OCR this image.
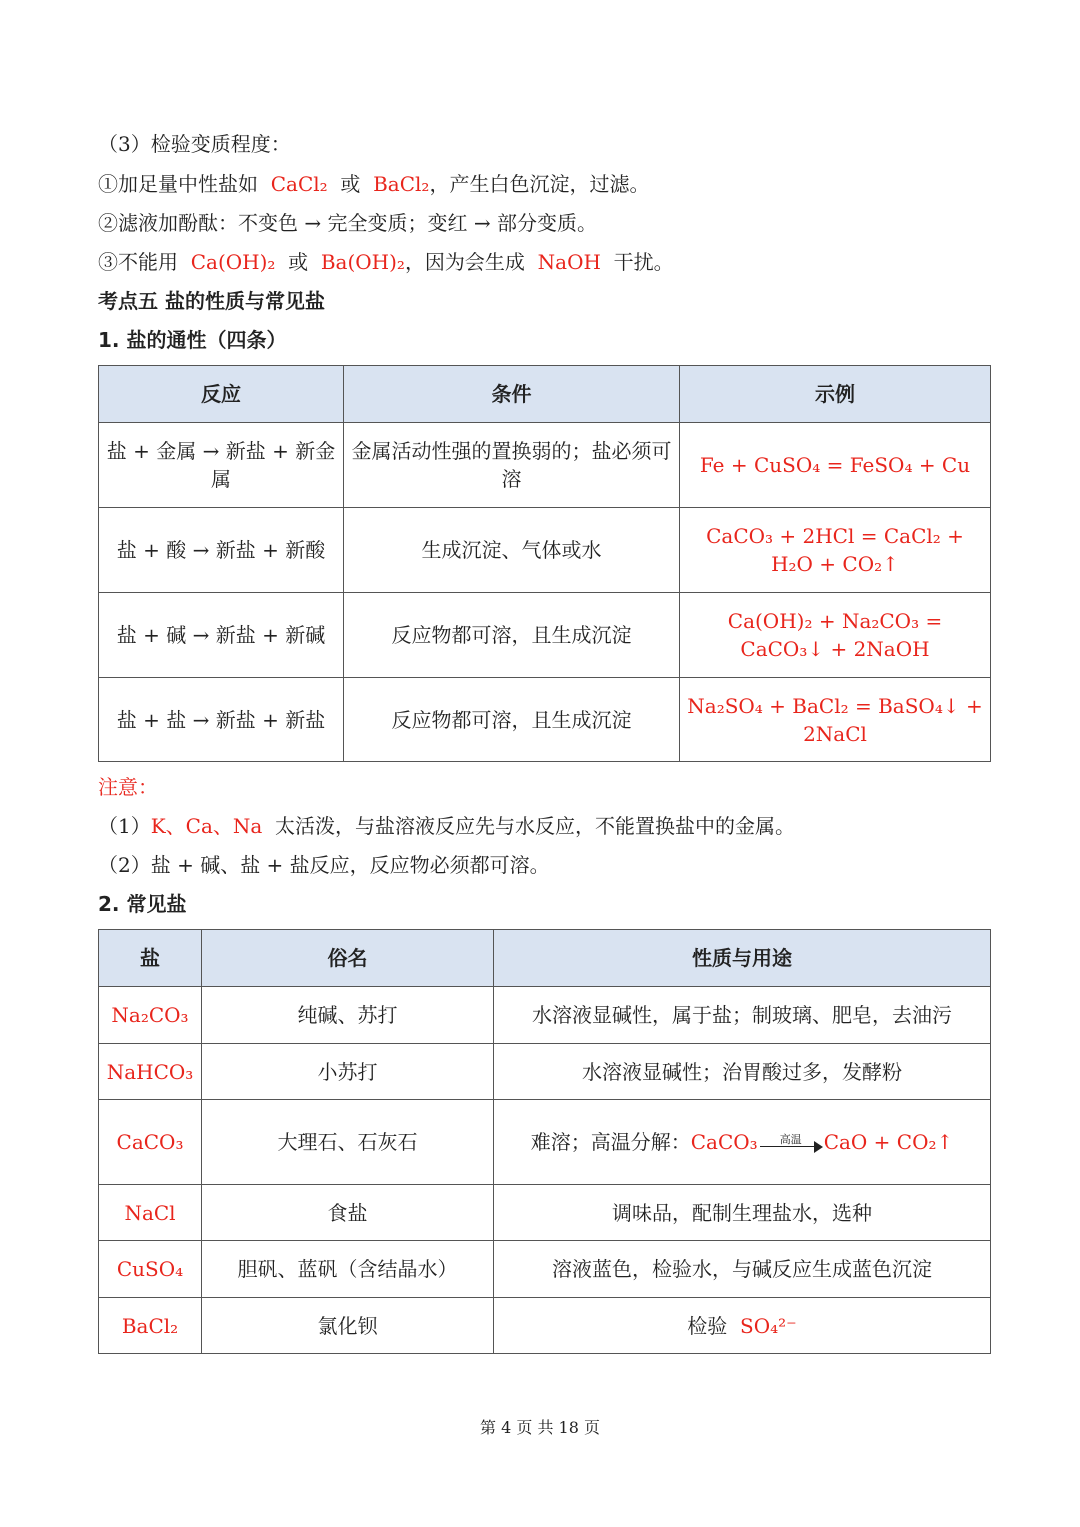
（3）检验变质程度：
①加足量中性盐如 CaCl₂ 或 BaCl₂，产生白色沉淀，过滤。
②滤液加酚酞：不变色 → 完全变质；变红 → 部分变质。
③不能用 Ca(OH)₂ 或 Ba(OH)₂，因为会生成 NaOH 干扰。
考点五 盐的性质与常见盐
1. 盐的通性（四条）
反应	条件	示例
盐 + 金属 → 新盐 + 新金属	金属活动性强的置换弱的；盐必须可溶	Fe + CuSO₄ = FeSO₄ + Cu
盐 + 酸 → 新盐 + 新酸	生成沉淀、气体或水	CaCO₃ + 2HCl = CaCl₂ + H₂O + CO₂↑
盐 + 碱 → 新盐 + 新碱	反应物都可溶，且生成沉淀	Ca(OH)₂ + Na₂CO₃ = CaCO₃↓ + 2NaOH
盐 + 盐 → 新盐 + 新盐	反应物都可溶，且生成沉淀	Na₂SO₄ + BaCl₂ = BaSO₄↓ + 2NaCl
注意：
（1）K、Ca、Na 太活泼，与盐溶液反应先与水反应，不能置换盐中的金属。
（2）盐 + 碱、盐 + 盐反应，反应物必须都可溶。
2. 常见盐
盐	俗名	性质与用途
Na₂CO₃	纯碱、苏打	水溶液显碱性，属于盐；制玻璃、肥皂，去油污
NaHCO₃	小苏打	水溶液显碱性；治胃酸过多，发酵粉
CaCO₃	大理石、石灰石	难溶；高温分解：CaCO₃ 高温 CaO + CO₂↑
NaCl	食盐	调味品，配制生理盐水，选种
CuSO₄	胆矾、蓝矾（含结晶水）	溶液蓝色，检验水，与碱反应生成蓝色沉淀
BaCl₂	氯化钡	检验 SO₄²⁻
第 4 页 共 18 页
